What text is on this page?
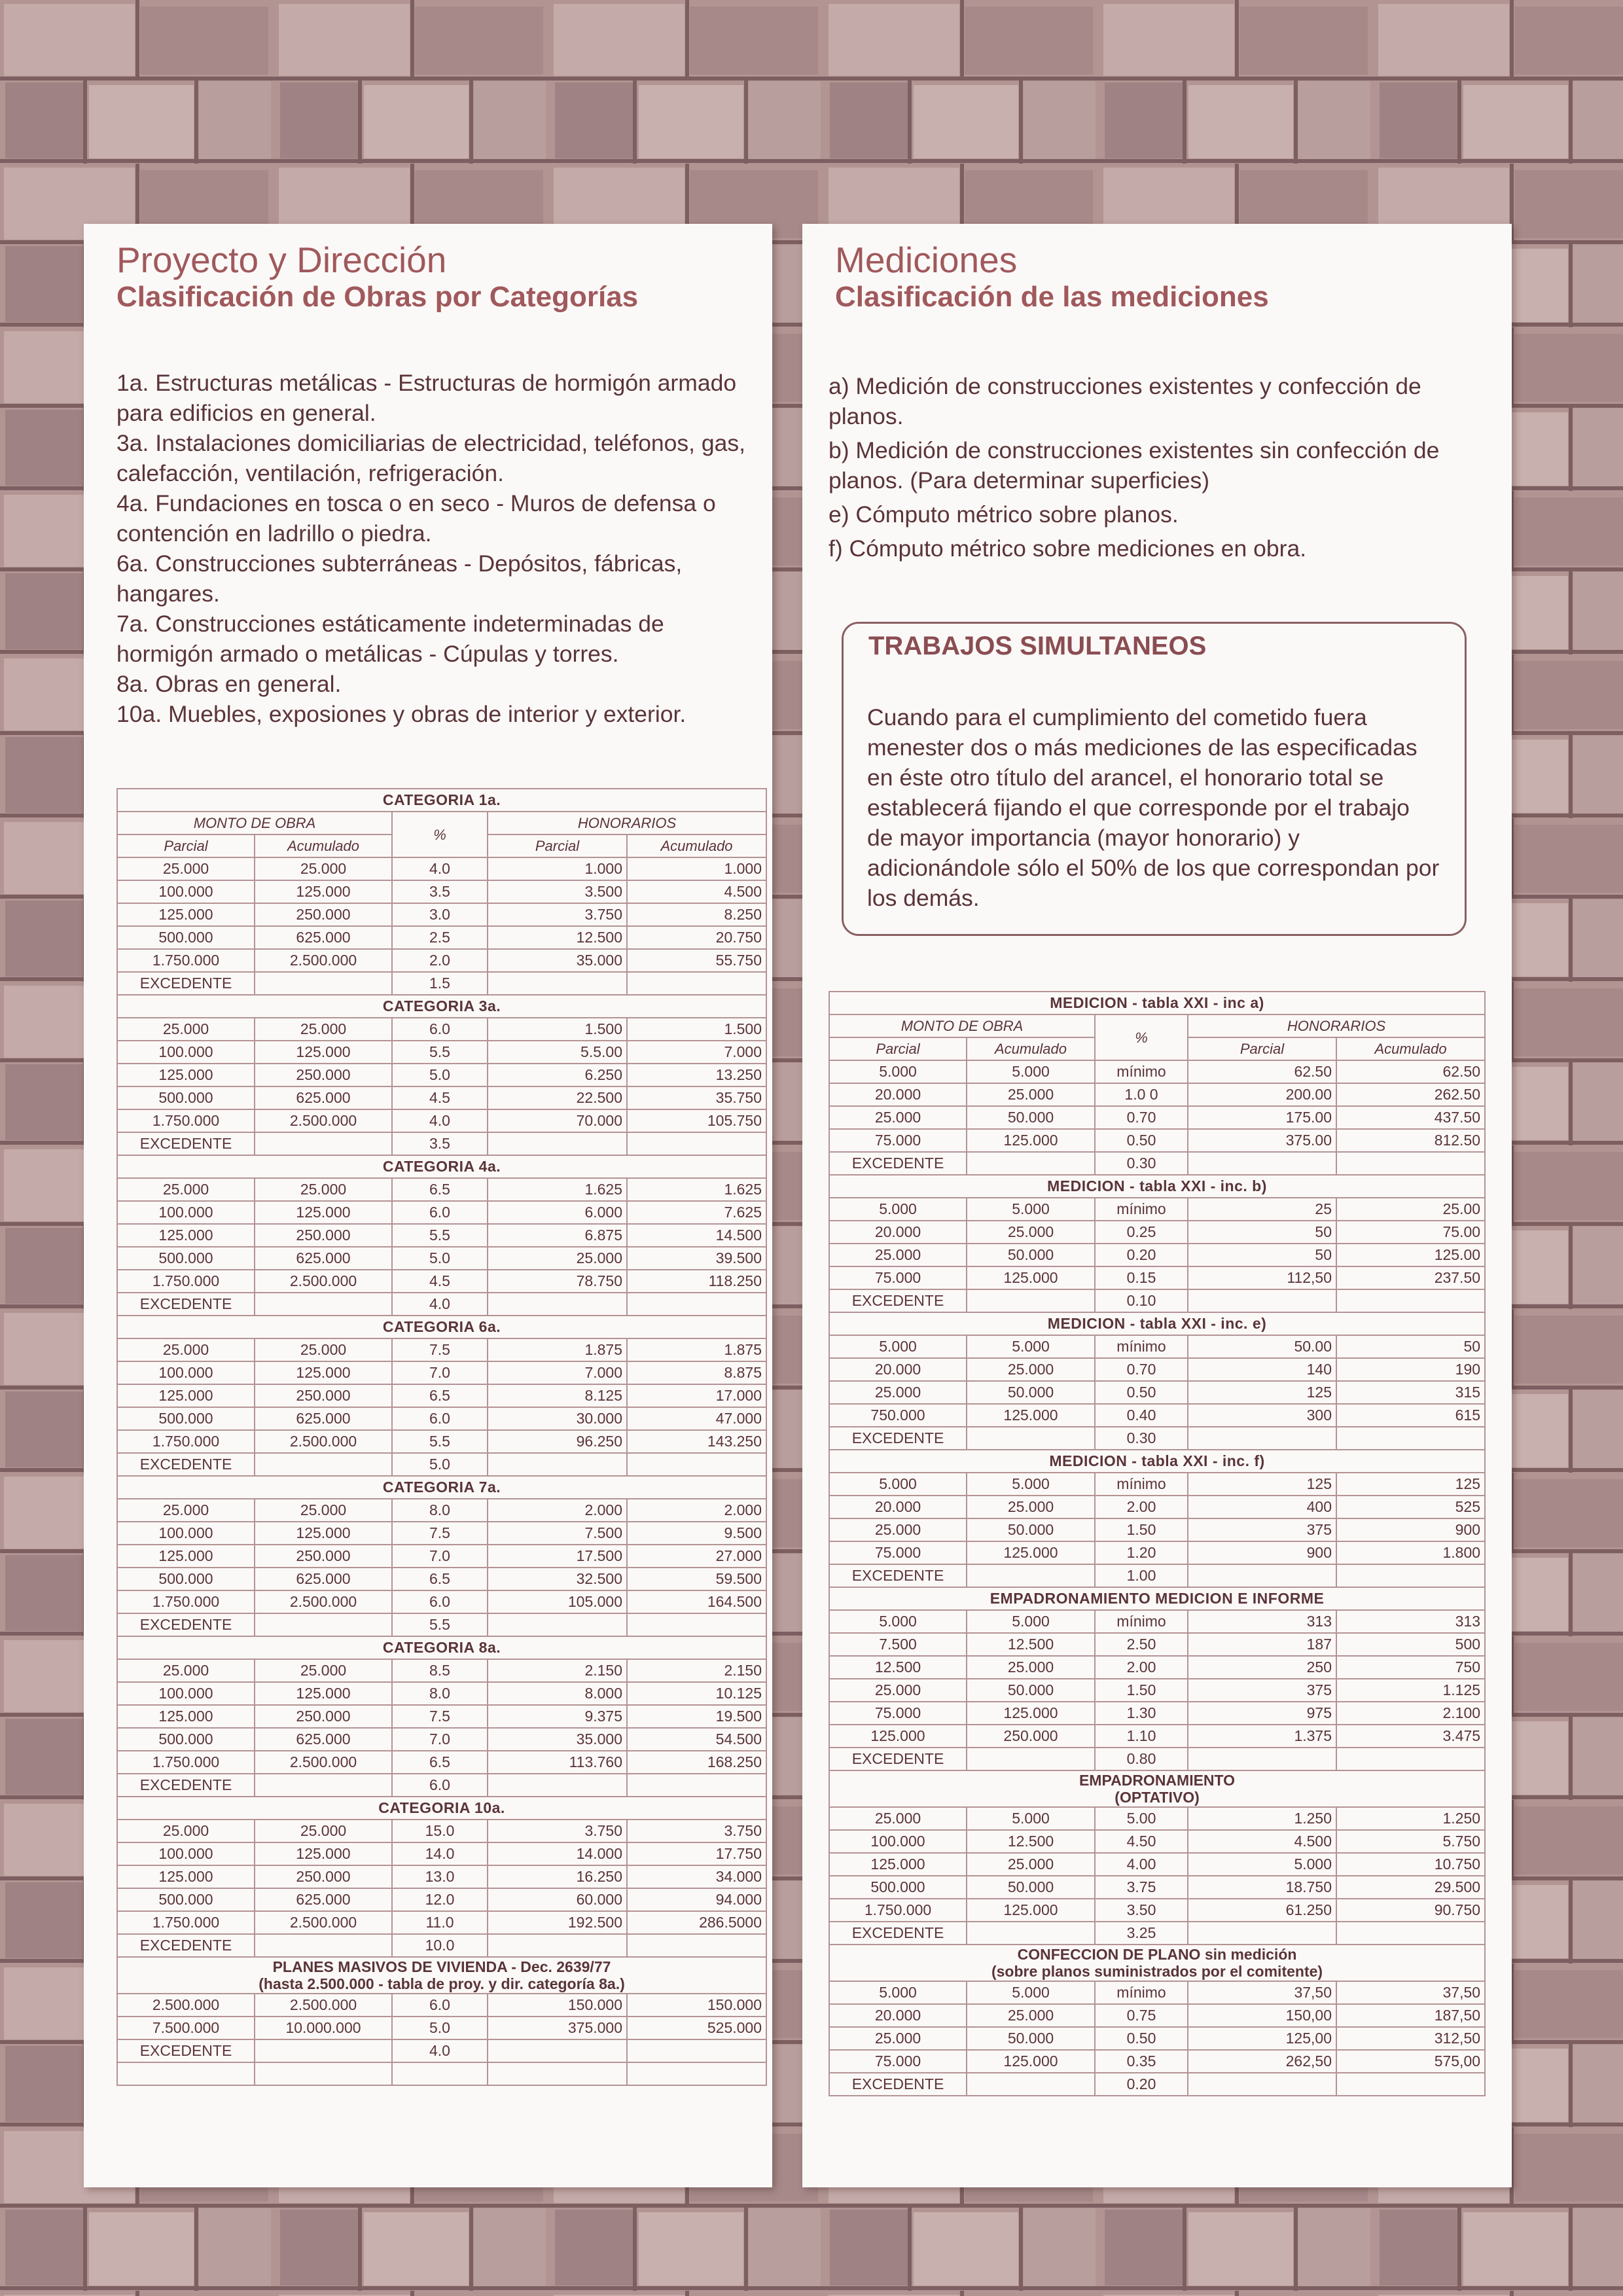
Proyecto y Dirección
Clasificación de Obras por Categorías

1a. Estructuras metálicas - Estructuras de hormigón armado para edificios en general.

3a. Instalaciones domiciliarias de electricidad, teléfonos, gas, calefacción, ventilación, refrigeración.

4a. Fundaciones en tosca o en seco - Muros de defensa o contención en ladrillo o piedra.

6a. Construcciones subterráneas - Depósitos, fábricas, hangares.

7a. Construcciones estáticamente indeterminadas de hormigón armado o metálicas - Cúpulas y torres.

8a. Obras en general.

10a. Muebles, exposiones y obras de interior y exterior.

CATEGORIA 1a.				
MONTO DE OBRA		%	HONORARIOS	
Parcial	Acumulado		Parcial	Acumulado
25.000	25.000	4.0	1.000	1.000
100.000	125.000	3.5	3.500	4.500
125.000	250.000	3.0	3.750	8.250
500.000	625.000	2.5	12.500	20.750
1.750.000	2.500.000	2.0	35.000	55.750
EXCEDENTE		1.5		
CATEGORIA 3a.				
25.000	25.000	6.0	1.500	1.500
100.000	125.000	5.5	5.5.00	7.000
125.000	250.000	5.0	6.250	13.250
500.000	625.000	4.5	22.500	35.750
1.750.000	2.500.000	4.0	70.000	105.750
EXCEDENTE		3.5		
CATEGORIA 4a.				
25.000	25.000	6.5	1.625	1.625
100.000	125.000	6.0	6.000	7.625
125.000	250.000	5.5	6.875	14.500
500.000	625.000	5.0	25.000	39.500
1.750.000	2.500.000	4.5	78.750	118.250
EXCEDENTE		4.0		
CATEGORIA 6a.				
25.000	25.000	7.5	1.875	1.875
100.000	125.000	7.0	7.000	8.875
125.000	250.000	6.5	8.125	17.000
500.000	625.000	6.0	30.000	47.000
1.750.000	2.500.000	5.5	96.250	143.250
EXCEDENTE		5.0		
CATEGORIA 7a.				
25.000	25.000	8.0	2.000	2.000
100.000	125.000	7.5	7.500	9.500
125.000	250.000	7.0	17.500	27.000
500.000	625.000	6.5	32.500	59.500
1.750.000	2.500.000	6.0	105.000	164.500
EXCEDENTE		5.5		
CATEGORIA 8a.				
25.000	25.000	8.5	2.150	2.150
100.000	125.000	8.0	8.000	10.125
125.000	250.000	7.5	9.375	19.500
500.000	625.000	7.0	35.000	54.500
1.750.000	2.500.000	6.5	113.760	168.250
EXCEDENTE		6.0		
CATEGORIA 10a.				
25.000	25.000	15.0	3.750	3.750
100.000	125.000	14.0	14.000	17.750
125.000	250.000	13.0	16.250	34.000
500.000	625.000	12.0	60.000	94.000
1.750.000	2.500.000	11.0	192.500	286.5000
EXCEDENTE		10.0		
PLANES MASIVOS DE VIVIENDA - Dec. 2639/77
(hasta 2.500.000 - tabla de proy. y dir. categoría 8a.)				
2.500.000	2.500.000	6.0	150.000	150.000
7.500.000	10.000.000	5.0	375.000	525.000
EXCEDENTE		4.0		

Mediciones
Clasificación de las mediciones

a) Medición de construcciones existentes y confección de planos.

b) Medición de construcciones existentes sin confección de planos. (Para determinar superficies)

e) Cómputo métrico sobre planos.

f) Cómputo métrico sobre mediciones en obra.

TRABAJOS SIMULTANEOS
Cuando para el cumplimiento del cometido fuera menester dos o más mediciones de las especificadas en éste otro título del arancel, el honorario total se establecerá fijando el que corresponde por el trabajo de mayor importancia (mayor honorario) y adicionándole sólo el 50% de los que correspondan por los demás.
MEDICION - tabla XXI - inc a)				
MONTO DE OBRA		%	HONORARIOS	
Parcial	Acumulado		Parcial	Acumulado
5.000	5.000	mínimo	62.50	62.50
20.000	25.000	1.0 0	200.00	262.50
25.000	50.000	0.70	175.00	437.50
75.000	125.000	0.50	375.00	812.50
EXCEDENTE		0.30		
MEDICION - tabla XXI - inc. b)				
5.000	5.000	mínimo	25	25.00
20.000	25.000	0.25	50	75.00
25.000	50.000	0.20	50	125.00
75.000	125.000	0.15	112,50	237.50
EXCEDENTE		0.10		
MEDICION - tabla XXI - inc. e)				
5.000	5.000	mínimo	50.00	50
20.000	25.000	0.70	140	190
25.000	50.000	0.50	125	315
750.000	125.000	0.40	300	615
EXCEDENTE		0.30		
MEDICION - tabla XXI - inc. f)				
5.000	5.000	mínimo	125	125
20.000	25.000	2.00	400	525
25.000	50.000	1.50	375	900
75.000	125.000	1.20	900	1.800
EXCEDENTE		1.00		
EMPADRONAMIENTO MEDICION E INFORME				
5.000	5.000	mínimo	313	313
7.500	12.500	2.50	187	500
12.500	25.000	2.00	250	750
25.000	50.000	1.50	375	1.125
75.000	125.000	1.30	975	2.100
125.000	250.000	1.10	1.375	3.475
EXCEDENTE		0.80		
EMPADRONAMIENTO
(OPTATIVO)				
25.000	5.000	5.00	1.250	1.250
100.000	12.500	4.50	4.500	5.750
125.000	25.000	4.00	5.000	10.750
500.000	50.000	3.75	18.750	29.500
1.750.000	125.000	3.50	61.250	90.750
EXCEDENTE		3.25		
CONFECCION DE PLANO sin medición
(sobre planos suministrados por el comitente)				
5.000	5.000	mínimo	37,50	37,50
20.000	25.000	0.75	150,00	187,50
25.000	50.000	0.50	125,00	312,50
75.000	125.000	0.35	262,50	575,00
EXCEDENTE		0.20		
